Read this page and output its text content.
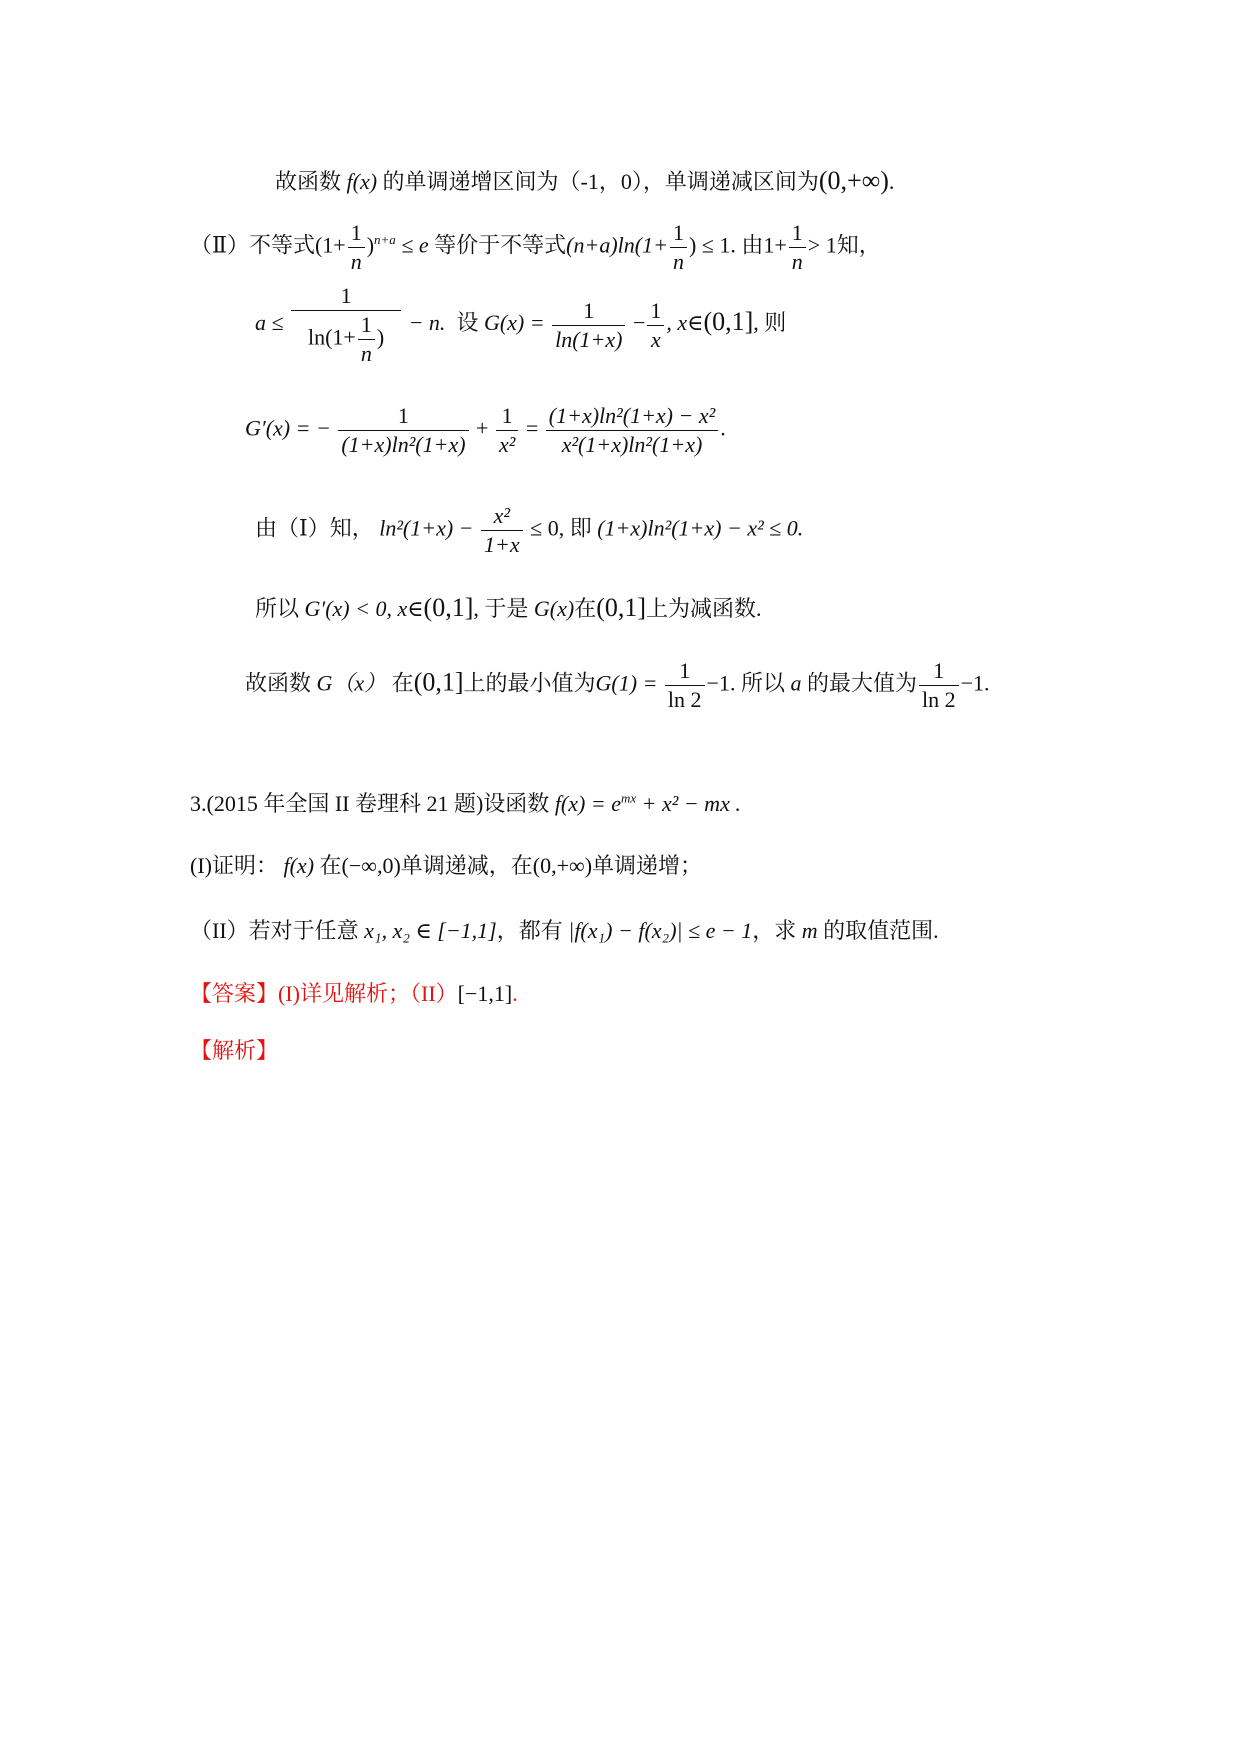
故函数 f(x) 的单调递增区间为（-1，0），单调递减区间为(0,+∞).
（Ⅱ）不等式$(1+ \frac{1}{n} )^{n+a} \le e$ 等价于不等式$(n+a)\ln(1+ \frac{1}{n}$ ) ≤ 1. 由$1+ \frac{1}{n} > 1$知，
$a \le \frac{1}{\ln(1+ \frac{1}{n} )} - n$. 设 $G(x) = \frac{1}{\ln(1+x)} - \frac{1}{x}$ , x∈(0,1], 则
G′(x) = − $\frac{1}{\text{(1+x)ln²(1+x)}} + \frac{1}{\text{x²}} = \frac{\text{(1+x)ln²(1+x) − x²}}{\text{x²(1+x)ln²(1+x)}}$ .
由（Ⅰ）知， $\ln^2(1+x) - \frac{\text{x²}}{1+x} \le 0$, 即 (1+x)ln²(1+x) − x² ≤ 0.
所以 G′(x) < 0, x∈(0,1], 于是 G(x)在(0,1]上为减函数.
故函数 G（x） 在(0,1]上的最小值为$G(1) = \frac{1}{\ln 2} -1$. 所以 a 的最大值为 $\frac{1}{\ln 2} -1$.
3.(2015 年全国 II 卷理科 21 题)设函数 $f(x) = e^{mx} + x^2$ − mx .
(I)证明： f(x) 在(−∞,0)单调递减，在(0,+∞)单调递增；
（II）若对于任意 x₁, x₂ ∈ [−1,1]，都有 |f(x₁) − f(x₂)| ≤ e − 1，求 m 的取值范围.
【答案】(I)详见解析；（II）[−1,1].
【解析】
